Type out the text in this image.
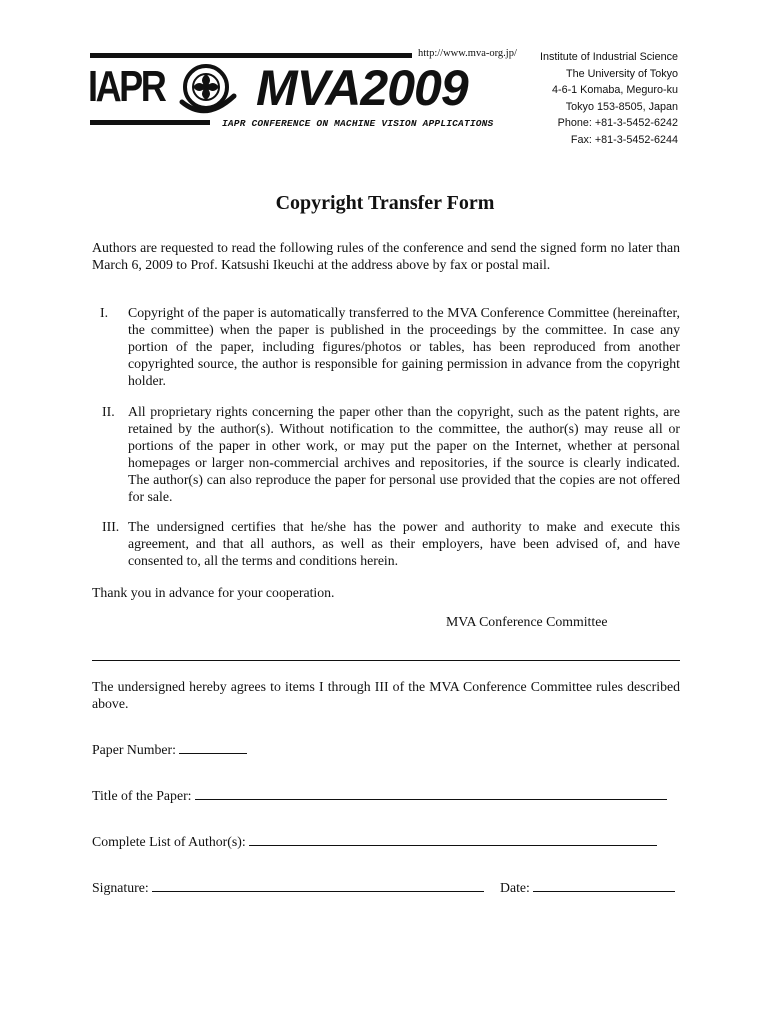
http://www.mva-org.jp/
IAPR MVA2009
IAPR CONFERENCE ON MACHINE VISION APPLICATIONS
Institute of Industrial Science
The University of Tokyo
4-6-1 Komaba, Meguro-ku
Tokyo 153-8505, Japan
Phone: +81-3-5452-6242
Fax: +81-3-5452-6244
Copyright Transfer Form
Authors are requested to read the following rules of the conference and send the signed form no later than March 6, 2009 to Prof. Katsushi Ikeuchi at the address above by fax or postal mail.
I.	Copyright of the paper is automatically transferred to the MVA Conference Committee (hereinafter, the committee) when the paper is published in the proceedings by the committee. In case any portion of the paper, including figures/photos or tables, has been reproduced from another copyrighted source, the author is responsible for gaining permission in advance from the copyright holder.
II. All proprietary rights concerning the paper other than the copyright, such as the patent rights, are retained by the author(s). Without notification to the committee, the author(s) may reuse all or portions of the paper in other work, or may put the paper on the Internet, whether at personal homepages or larger non-commercial archives and repositories, if the source is clearly indicated. The author(s) can also reproduce the paper for personal use provided that the copies are not offered for sale.
III. The undersigned certifies that he/she has the power and authority to make and execute this agreement, and that all authors, as well as their employers, have been advised of, and have consented to, all the terms and conditions herein.
Thank you in advance for your cooperation.
MVA Conference Committee
The undersigned hereby agrees to items I through III of the MVA Conference Committee rules described above.
Paper Number:
Title of the Paper:
Complete List of Author(s):
Signature:	Date:
